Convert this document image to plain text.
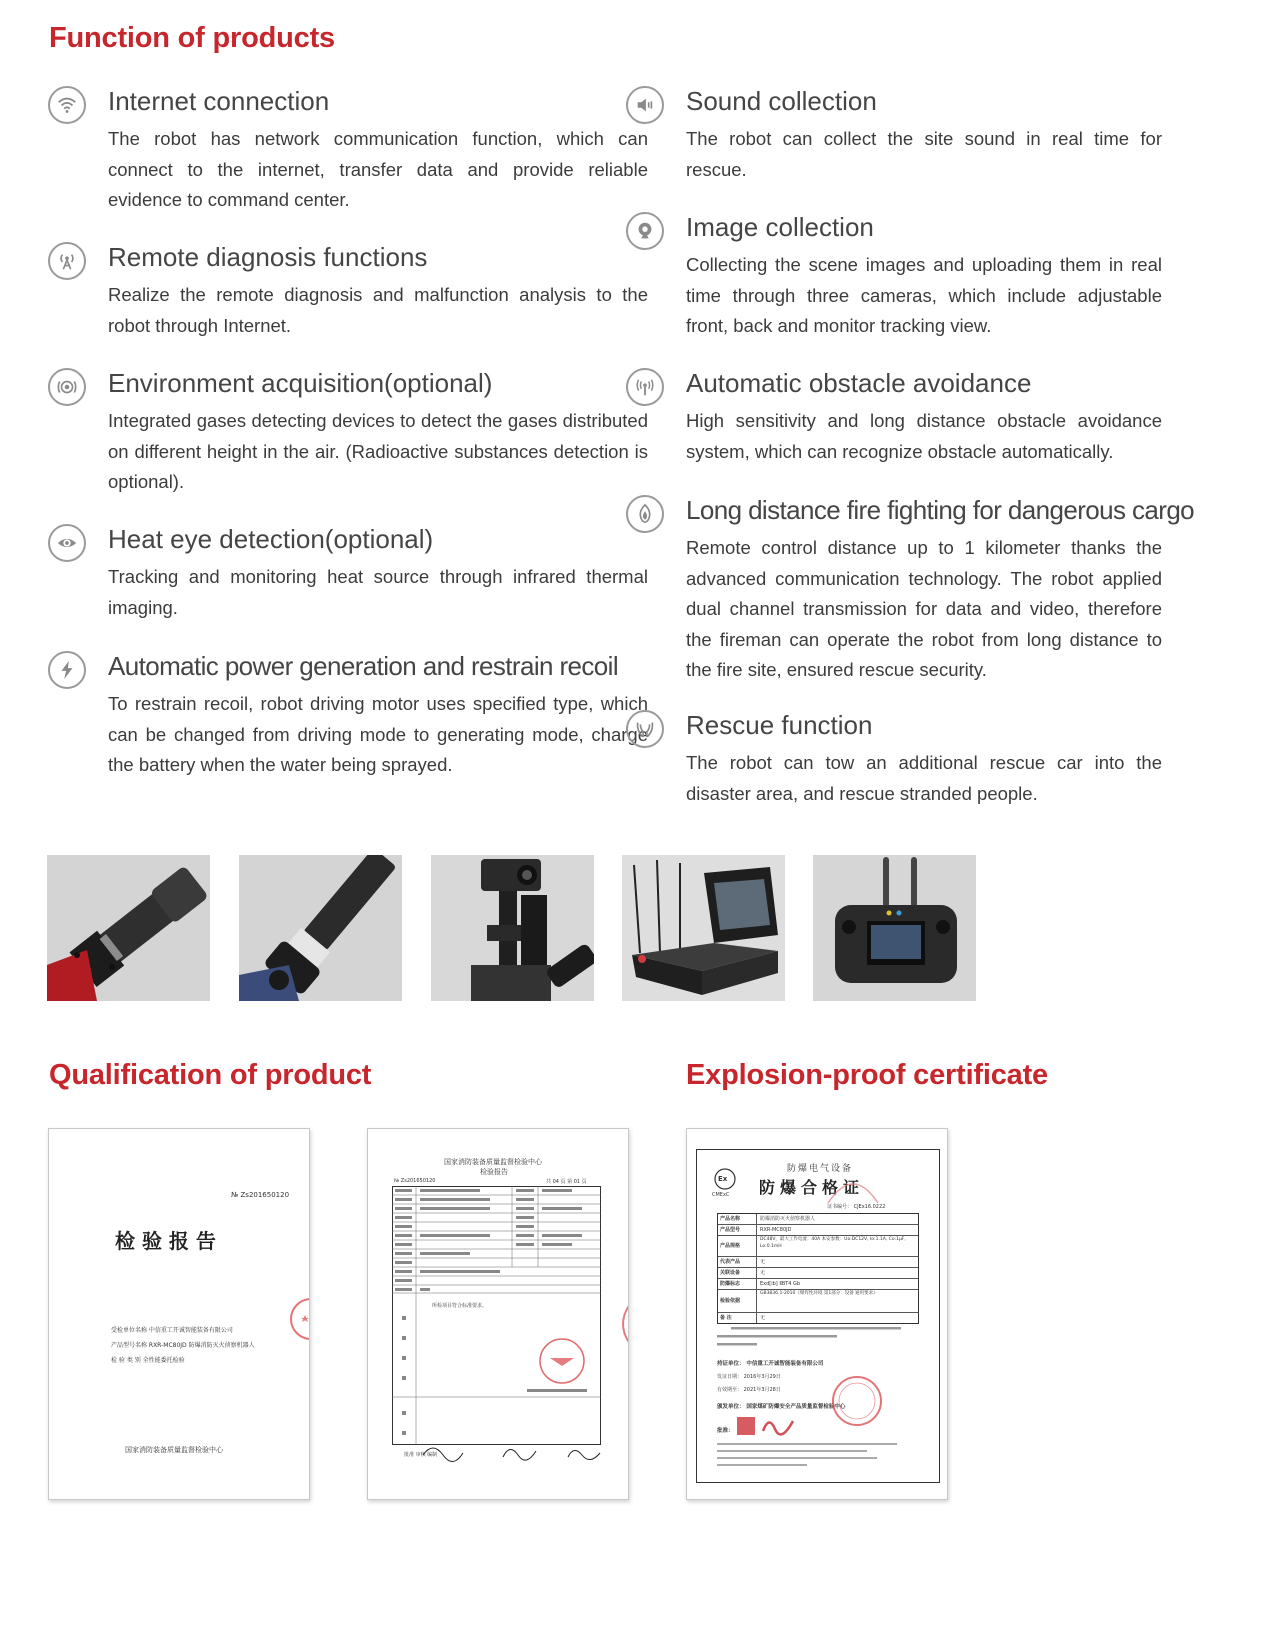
Function of products
Internet connection

The robot has network communication function, which can connect to the internet, transfer data and provide reliable evidence to command center.

Remote diagnosis functions

Realize the remote diagnosis and malfunction analysis to the robot through Internet.

Environment acquisition(optional)

Integrated gases detecting devices to detect the gases distributed on different height in the air. (Radioactive substances detection is optional).

Heat eye detection(optional)

Tracking and monitoring heat source through infrared thermal imaging.

Automatic power generation and restrain recoil

To restrain recoil, robot driving motor uses specified type, which can be changed from driving mode to generating mode, charge the battery when the water being sprayed.

Sound collection

The robot can collect the site sound in real time for rescue.

Image collection

Collecting the scene images and uploading them in real time through three cameras, which include adjustable front, back and monitor tracking view.

Automatic obstacle avoidance

High sensitivity and long distance obstacle avoidance system, which can recognize obstacle automatically.

Long distance fire fighting for dangerous cargo

Remote control distance up to 1 kilometer thanks the advanced communication technology. The robot applied dual channel transmission for data and video, therefore the fireman can operate the robot from long distance to the fire site, ensured rescue security.

Rescue function

The robot can tow an additional rescue car into the disaster area, and rescue stranded people.

Qualification of product	Explosion-proof certificate
№ Zs201650120
检 验 报 告
受检单位名称 中信重工开诚智能装备有限公司
产品型号名称 RXR-MC80JD 防爆消防灭火侦察机器人
检 验 类 别 全性能委托检验
国家消防装备质量监督检验中心
国家消防装备质量监督检验中心
检验报告
№ Zs201650120	共 04 页 第 01 页
所检项目符合标准要求。
批准 审核 编制
Ex
CMExC
防爆电气设备
防爆合格证
证书编号： CJEx16.0222
产品名称	防爆消防灭火侦察机器人
产品型号	RXR-MC80JD
产品规格
DC48V，最大工作电流：40A 本安参数：Uo:DC12V, Io:1.1A, Co:1μF, Lo:0.1mH
代表产品	无
关联设备	无
防爆标志	Exd[ib] ⅡBT4 Gb
检验依据
GB3836.1-2010《爆炸性环境 第1部分：设备 通用要求》
备 注	无
持证单位： 中信重工开诚智能装备有限公司
发证日期： 2016年3月29日
有效期至： 2021年3月28日
颁发单位： 国家煤矿防爆安全产品质量监督检验中心
批准：
